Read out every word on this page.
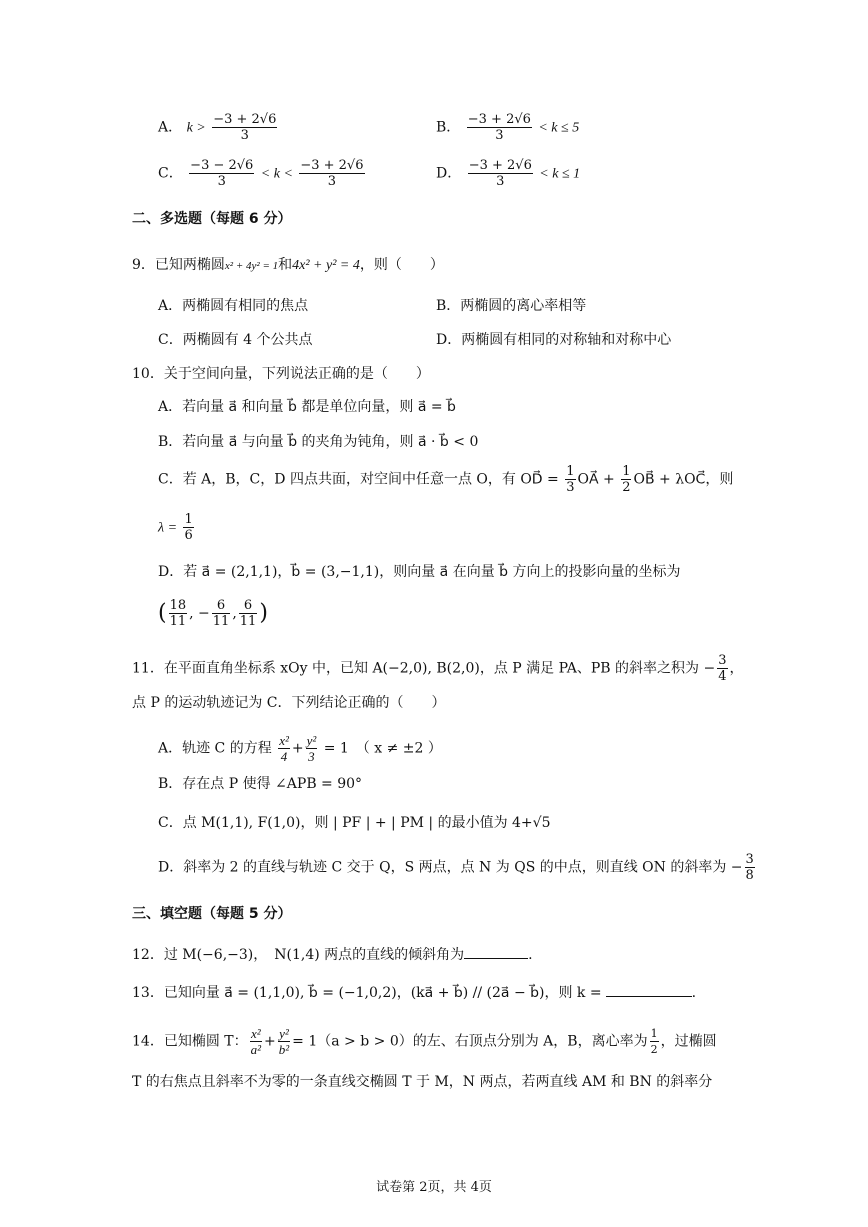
A． $k > \frac{-3 + 2√6}{3}$	B． $\frac{-3 + 2√6}{3} < k \le 5$
C． $\frac{-3 - 2√6}{3} < k < \frac{-3 + 2√6}{3}$	D． $\frac{-3 + 2√6}{3} < k \le 1$
二、多选题（每题 6 分）
9．已知两椭圆x² + 4y² = 1和4x² + y² = 4，则（　　）
A．两椭圆有相同的焦点	B．两椭圆的离心率相等
C．两椭圆有 4 个公共点	D．两椭圆有相同的对称轴和对称中心
10．关于空间向量，下列说法正确的是（　　）
A．若向量 a⃗ 和向量 b⃗ 都是单位向量，则 a⃗ = b⃗
B．若向量 a⃗ 与向量 b⃗ 的夹角为钝角，则 a⃗ · b⃗ < 0
C．若 A，B，C，D 四点共面，对空间中任意一点 O，有 OD⃗ = $\frac{1}{3}$ OA⃗ + $\frac{1}{2}$ OB⃗ + λOC⃗，则
$\lambda = \frac{1}{6}$
D．若 a⃗ = (2,1,1)，b⃗ = (3,−1,1)，则向量 a⃗ 在向量 b⃗ 方向上的投影向量的坐标为
( $\frac{18}{11}$ , − $\frac{6}{11}$ , $\frac{6}{11}$ )
11．在平面直角坐标系 xOy 中，已知 A(−2,0), B(2,0)，点 P 满足 PA、PB 的斜率之积为 − $\frac{3}{4}$ ，
点 P 的运动轨迹记为 C．下列结论正确的（　　）
A．轨迹 C 的方程 $\frac{\text{x²}}{4} + \frac{\text{y²}}{3} = 1$　（ x ≠ ±2 ）
B．存在点 P 使得 ∠APB = 90°
C．点 M(1,1), F(1,0)，则 | PF | + | PM | 的最小值为 4+√5
D．斜率为 2 的直线与轨迹 C 交于 Q，S 两点，点 N 为 QS 的中点，则直线 ON 的斜率为 − $\frac{3}{8}$
三、填空题（每题 5 分）
12．过 M(−6,−3)，　N(1,4) 两点的直线的倾斜角为	.
13．已知向量 a⃗ = (1,1,0), b⃗ = (−1,0,2)，(ka⃗ + b⃗) // (2a⃗ − b⃗)，则 k =	.
14．已知椭圆 T： $\frac{\text{x²}}{\text{a²}} + \frac{\text{y²}}{\text{b²}} = 1(a > b > 0)$的左、右顶点分别为 A，B，离心率为 $\frac{1}{2}$ ，过椭圆
T 的右焦点且斜率不为零的一条直线交椭圆 T 于 M，N 两点，若两直线 AM 和 BN 的斜率分
试卷第 2页，共 4页
